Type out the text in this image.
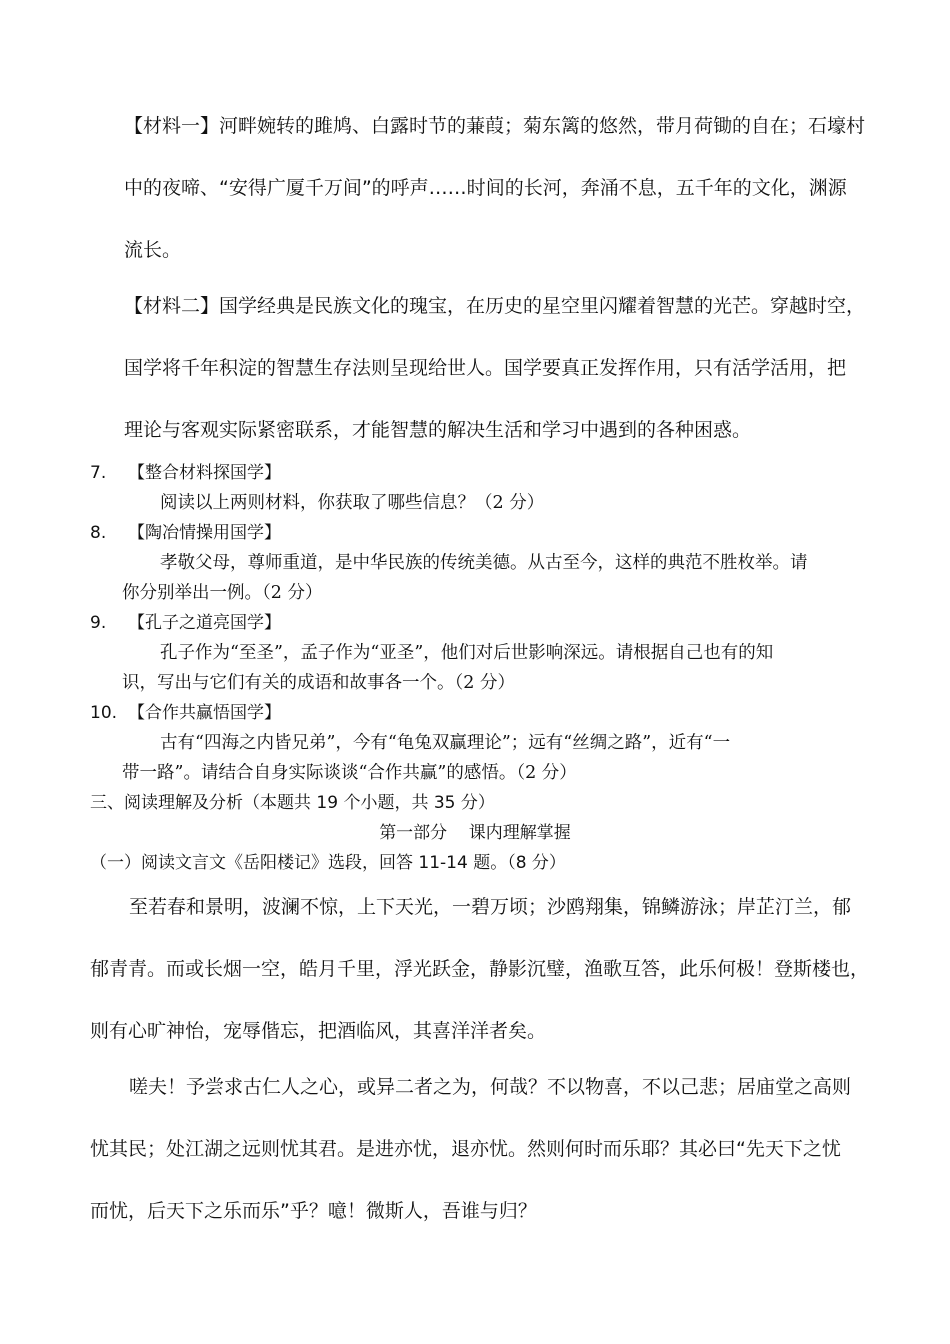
【材料一】河畔婉转的雎鸠、白露时节的蒹葭；菊东篱的悠然，带月荷锄的自在；石壕村
中的夜啼、“安得广厦千万间”的呼声……时间的长河，奔涌不息，五千年的文化，渊源
流长。
【材料二】国学经典是民族文化的瑰宝，在历史的星空里闪耀着智慧的光芒。穿越时空，
国学将千年积淀的智慧生存法则呈现给世人。国学要真正发挥作用，只有活学活用，把
理论与客观实际紧密联系，才能智慧的解决生活和学习中遇到的各种困惑。
7. 【整合材料探国学】
阅读以上两则材料，你获取了哪些信息？（2 分）
8. 【陶冶情操用国学】
孝敬父母，尊师重道，是中华民族的传统美德。从古至今，这样的典范不胜枚举。请
你分别举出一例。（2 分）
9. 【孔子之道亮国学】
孔子作为“至圣”，孟子作为“亚圣”，他们对后世影响深远。请根据自己也有的知
识，写出与它们有关的成语和故事各一个。（2 分）
10. 【合作共赢悟国学】
古有“四海之内皆兄弟”，今有“龟兔双赢理论”；远有“丝绸之路”，近有“一
带一路”。请结合自身实际谈谈“合作共赢”的感悟。（2 分）
三、阅读理解及分析（本题共 19 个小题，共 35 分）
第一部分    课内理解掌握
（一）阅读文言文《岳阳楼记》选段，回答 11-14 题。（8 分）
至若春和景明，波澜不惊，上下天光，一碧万顷；沙鸥翔集，锦鳞游泳；岸芷汀兰，郁
郁青青。而或长烟一空，皓月千里，浮光跃金，静影沉璧，渔歌互答，此乐何极！登斯楼也，
则有心旷神怡，宠辱偕忘，把酒临风，其喜洋洋者矣。
嗟夫！予尝求古仁人之心，或异二者之为，何哉？不以物喜，不以己悲；居庙堂之高则
忧其民；处江湖之远则忧其君。是进亦忧，退亦忧。然则何时而乐耶？其必曰“先天下之忧
而忧，后天下之乐而乐”乎？噫！微斯人，吾谁与归？
